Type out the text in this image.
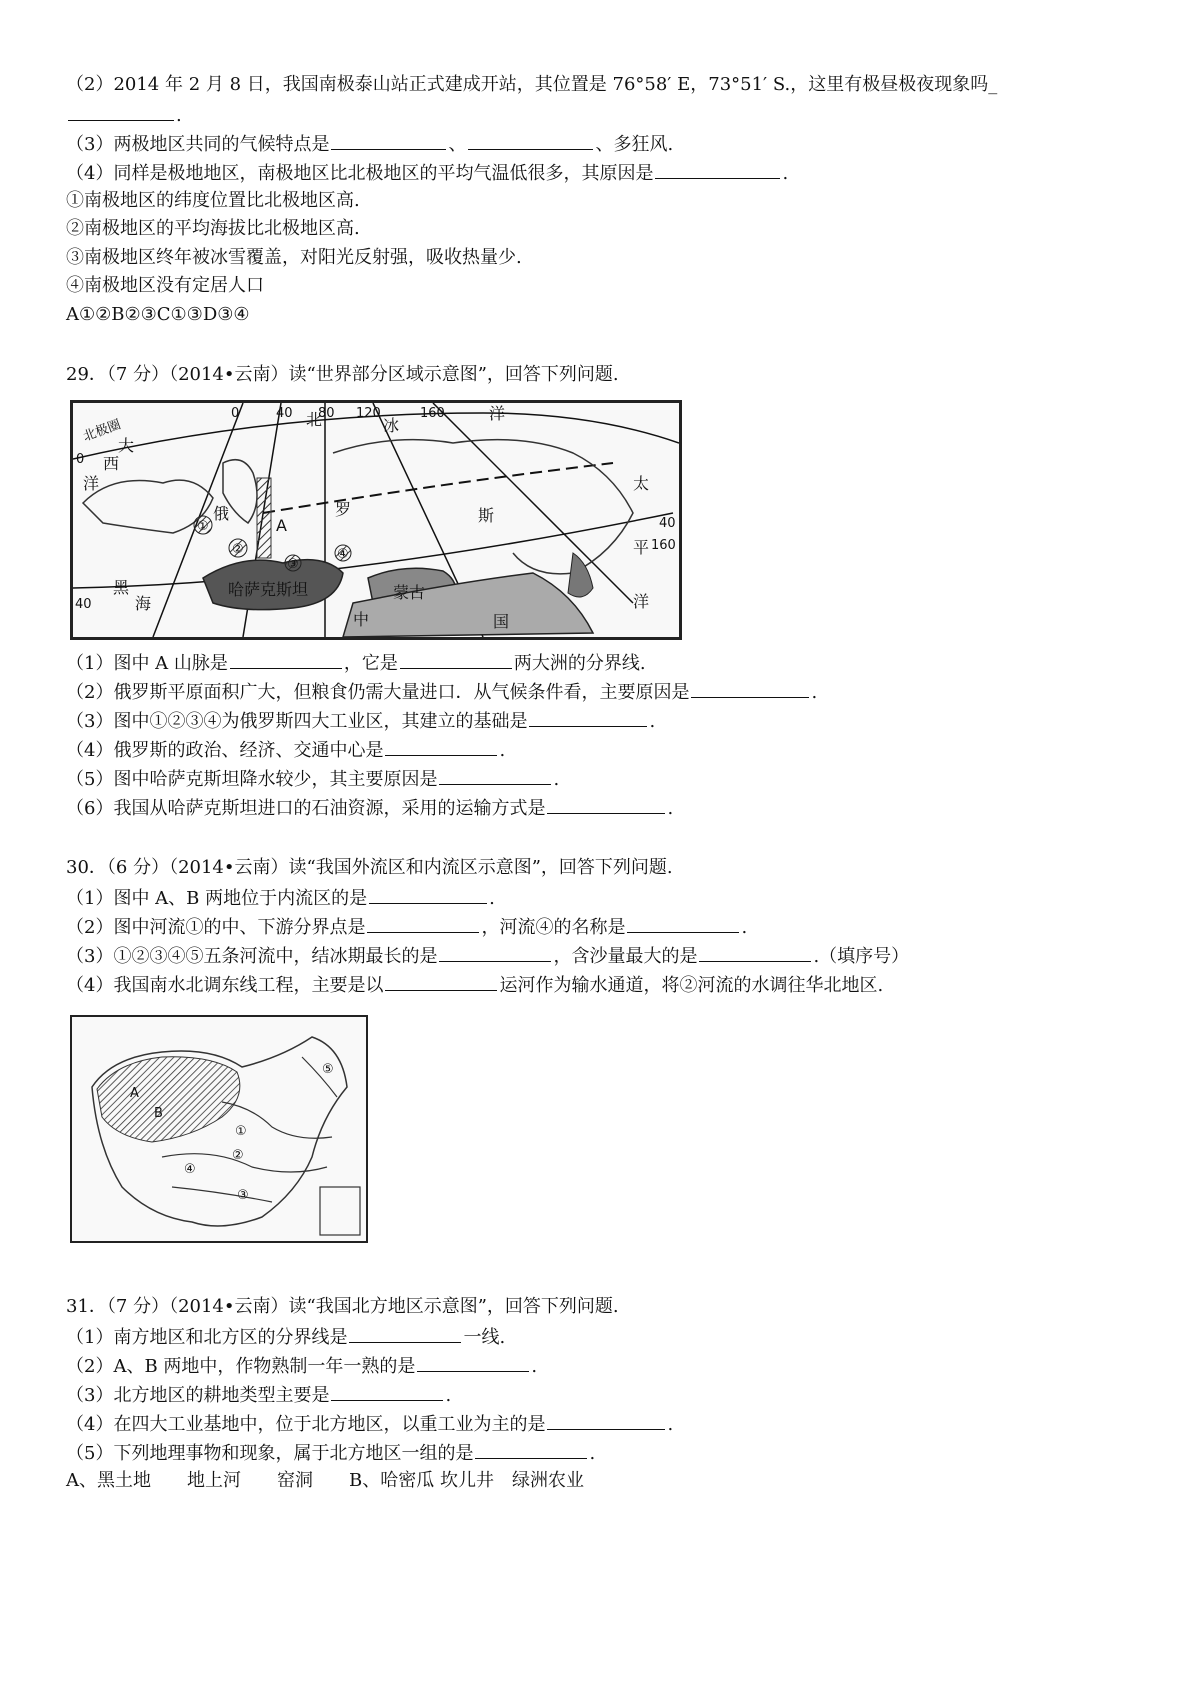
（2）2014 年 2 月 8 日，我国南极泰山站正式建成开站，其位置是 76°58′ E，73°51′ S.，这里有极昼极夜现象吗_
.
（3）两极地区共同的气候特点是	、	、多狂风.
（4）同样是极地地区，南极地区比北极地区的平均气温低很多，其原因是	.
①南极地区的纬度位置比北极地区高.
②南极地区的平均海拔比北极地区高.
③南极地区终年被冰雪覆盖，对阳光反射强，吸收热量少.
④南极地区没有定居人口
A①②B②③C①③D③④
29．（7 分）（2014•云南）读“世界部分区域示意图”，回答下列问题.
0	40 80 120	160
40
40
160
0
北极圈	北	冰
洋
太
平
洋
大
西
洋
俄	罗	斯
A
黑
海
哈萨克斯坦	蒙古
中	国
①
②
③
④
（1）图中 A 山脉是	，它是	两大洲的分界线.
（2）俄罗斯平原面积广大，但粮食仍需大量进口．从气候条件看，主要原因是	.
（3）图中①②③④为俄罗斯四大工业区，其建立的基础是	.
（4）俄罗斯的政治、经济、交通中心是	.
（5）图中哈萨克斯坦降水较少，其主要原因是	.
（6）我国从哈萨克斯坦进口的石油资源，采用的运输方式是	.
30．（6 分）（2014•云南）读“我国外流区和内流区示意图”，回答下列问题.
（1）图中 A、B 两地位于内流区的是	.
（2）图中河流①的中、下游分界点是	，河流④的名称是	.
（3）①②③④⑤五条河流中，结冰期最长的是	，含沙量最大的是	.（填序号）
（4）我国南水北调东线工程，主要是以	运河作为输水通道，将②河流的水调往华北地区.
A
B
①
②
③
④
⑤
31．（7 分）（2014•云南）读“我国北方地区示意图”，回答下列问题.
（1）南方地区和北方区的分界线是	一线.
（2）A、B 两地中，作物熟制一年一熟的是	.
（3）北方地区的耕地类型主要是	.
（4）在四大工业基地中，位于北方地区，以重工业为主的是	.
（5）下列地理事物和现象，属于北方地区一组的是	.
A、黑土地　　地上河　　窑洞　　B、哈密瓜 坎儿井　绿洲农业
